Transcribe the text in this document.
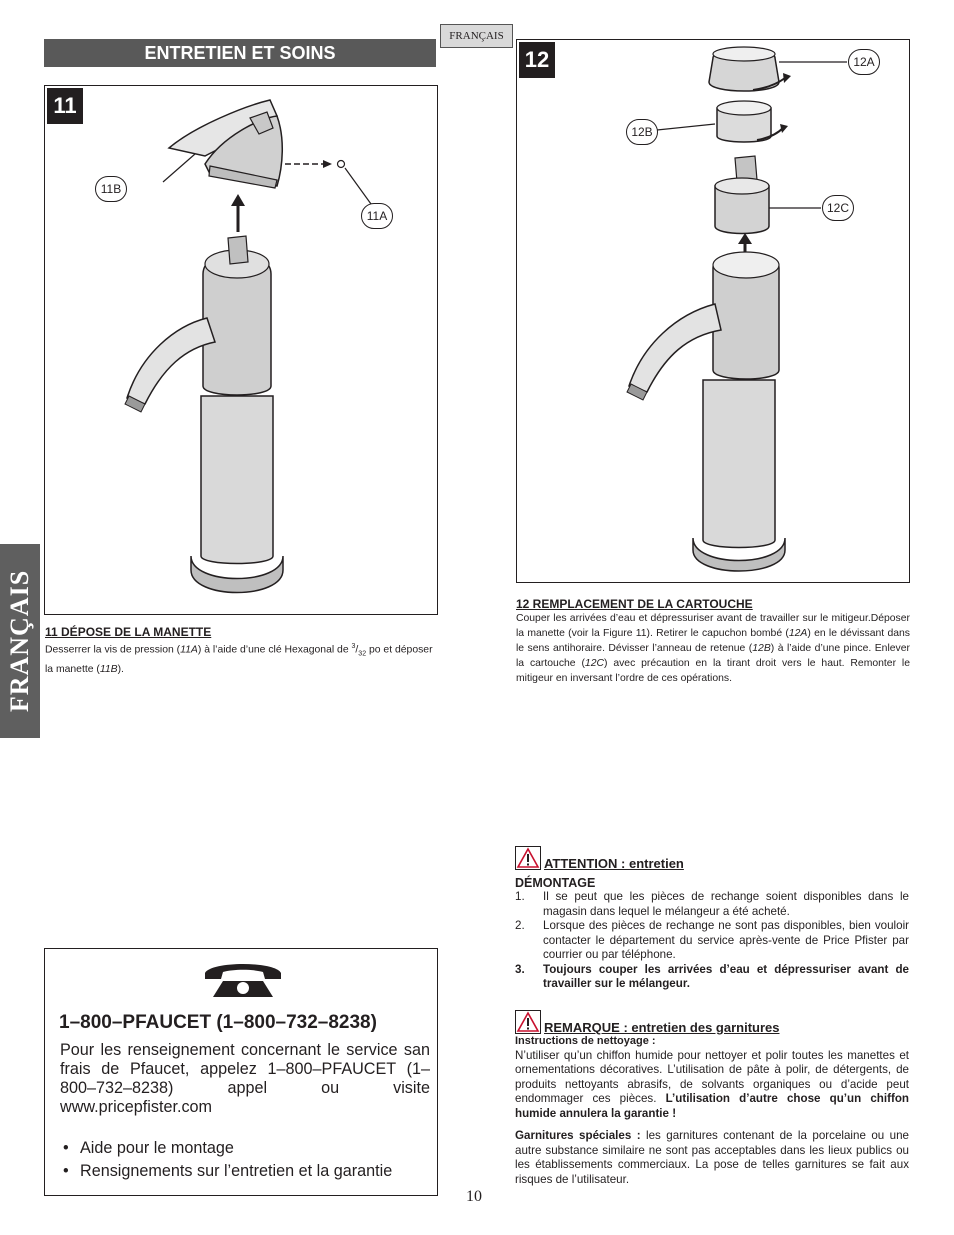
FRANÇAIS
ENTRETIEN ET SOINS
FRANÇAIS
11
11B
11A
11 DÉPOSE DE LA MANETTE
Desserrer la vis de pression (11A) à l’aide d’une clé Hexagonal de $^3/_{32}$ po et déposer la manette (11B).
12	12A
12B
12C
12 REMPLACEMENT DE LA CARTOUCHE
Couper les arrivées d’eau et dépressuriser avant de travailler sur le mitigeur.Déposer la manette (voir la Figure 11). Retirer le capuchon bombé (12A) en le dévissant dans le sens antihoraire. Dévisser l’anneau de retenue (12B) à l’aide d’une pince. Enlever la cartouche (12C) avec précaution en la tirant droit vers le haut. Remonter le mitigeur en inversant l’ordre de ces opérations.
1–800–PFAUCET (1–800–732–8238)
Pour les renseignement concernant le service san frais de Pfaucet, appelez 1–800–PFAUCET (1–800–732–8238) appel ou visite www.pricepfister.com
• Aide pour le montage
• Rensignements sur l’entretien et la garantie
ATTENTION : entretien
DÉMONTAGE
1. Il se peut que les pièces de rechange soient disponibles dans le magasin dans lequel le mélangeur a été acheté.
2. Lorsque des pièces de rechange ne sont pas disponibles, bien vouloir contacter le département du service après-vente de Price Pfister par courrier ou par téléphone.
3. Toujours couper les arrivées d’eau et dépressuriser avant de travailler sur le mélangeur.
REMARQUE : entretien des garnitures
Instructions de nettoyage :
N’utiliser qu’un chiffon humide pour nettoyer et polir toutes les manettes et ornementations décoratives. L’utilisation de pâte à polir, de détergents, de produits nettoyants abrasifs, de solvants organiques ou d’acide peut endommager ces pièces. L’utilisation d’autre chose qu’un chiffon humide annulera la garantie !
Garnitures spéciales : les garnitures contenant de la porcelaine ou une autre substance similaire ne sont pas acceptables dans les lieux publics ou les établissements commerciaux. La pose de telles garnitures se fait aux risques de l’utilisateur.
10
